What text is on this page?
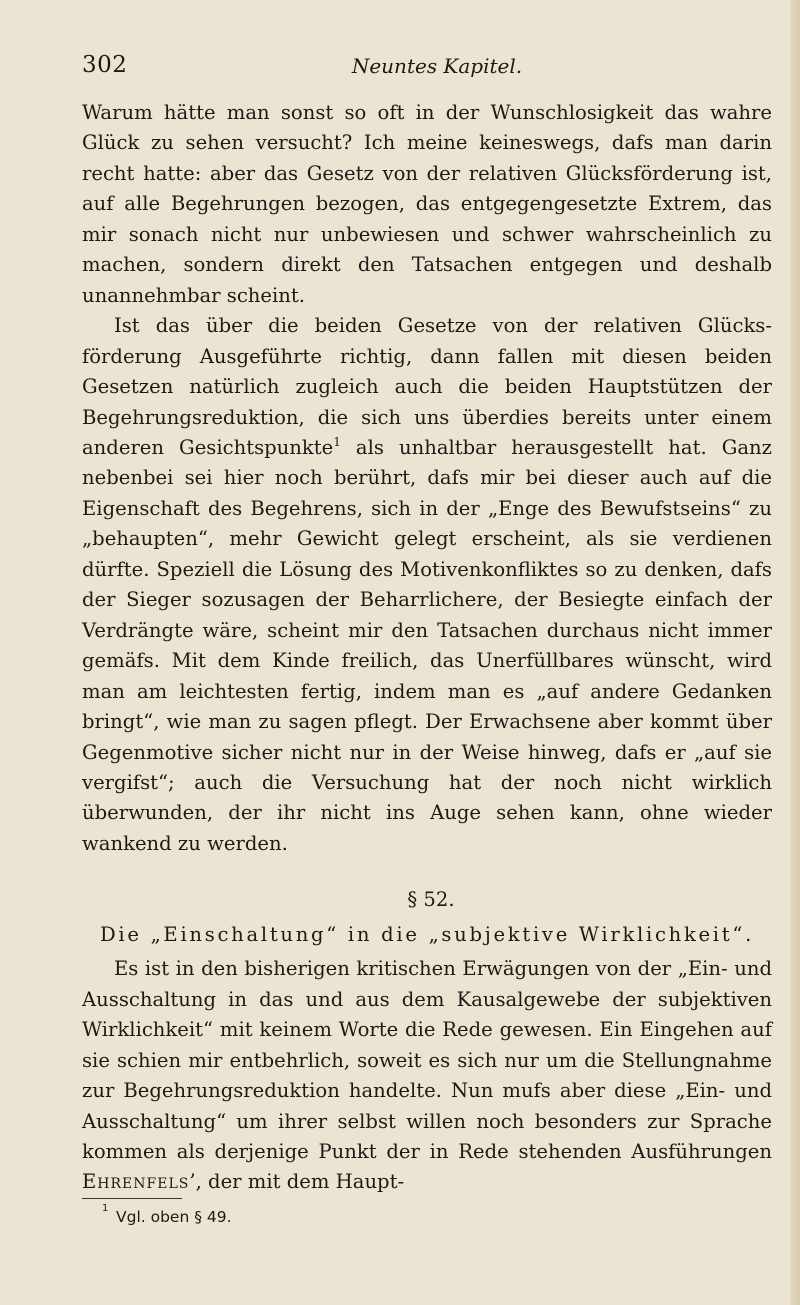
302	Neuntes Kapitel.

Warum hätte man sonst so oft in der Wunschlosigkeit das wahre Glück zu sehen versucht? Ich meine keineswegs, dafs man darin recht hatte: aber das Gesetz von der relativen Glücksförderung ist, auf alle Begehrungen bezogen, das entgegengesetzte Extrem, das mir sonach nicht nur unbewiesen und schwer wahrscheinlich zu machen, sondern direkt den Tatsachen entgegen und deshalb unannehmbar scheint.

Ist das über die beiden Gesetze von der relativen Glücksförderung Ausgeführte richtig, dann fallen mit diesen beiden Gesetzen natürlich zugleich auch die beiden Hauptstützen der Begehrungsreduktion, die sich uns überdies bereits unter einem anderen Gesichtspunkte$^1$ als unhaltbar herausgestellt hat. Ganz nebenbei sei hier noch berührt, dafs mir bei dieser auch auf die Eigenschaft des Begehrens, sich in der „Enge des Bewufstseins“ zu „behaupten“, mehr Gewicht gelegt erscheint, als sie verdienen dürfte. Speziell die Lösung des Motivenkonfliktes so zu denken, dafs der Sieger sozusagen der Beharrlichere, der Besiegte einfach der Verdrängte wäre, scheint mir den Tatsachen durchaus nicht immer gemäfs. Mit dem Kinde freilich, das Unerfüllbares wünscht, wird man am leichtesten fertig, indem man es „auf andere Gedanken bringt“, wie man zu sagen pflegt. Der Erwachsene aber kommt über Gegenmotive sicher nicht nur in der Weise hinweg, dafs er „auf sie vergifst“; auch die Versuchung hat der noch nicht wirklich überwunden, der ihr nicht ins Auge sehen kann, ohne wieder wankend zu werden.

§ 52.
Die „Einschaltung“ in die „subjektive Wirklichkeit“.

Es ist in den bisherigen kritischen Erwägungen von der „Ein- und Ausschaltung in das und aus dem Kausalgewebe der subjektiven Wirklichkeit“ mit keinem Worte die Rede gewesen. Ein Eingehen auf sie schien mir entbehrlich, soweit es sich nur um die Stellungnahme zur Begehrungsreduktion handelte. Nun mufs aber diese „Ein- und Ausschaltung“ um ihrer selbst willen noch besonders zur Sprache kommen als derjenige Punkt der in Rede stehenden Ausführungen Ehrenfels’, der mit dem Haupt-

1 Vgl. oben § 49.
